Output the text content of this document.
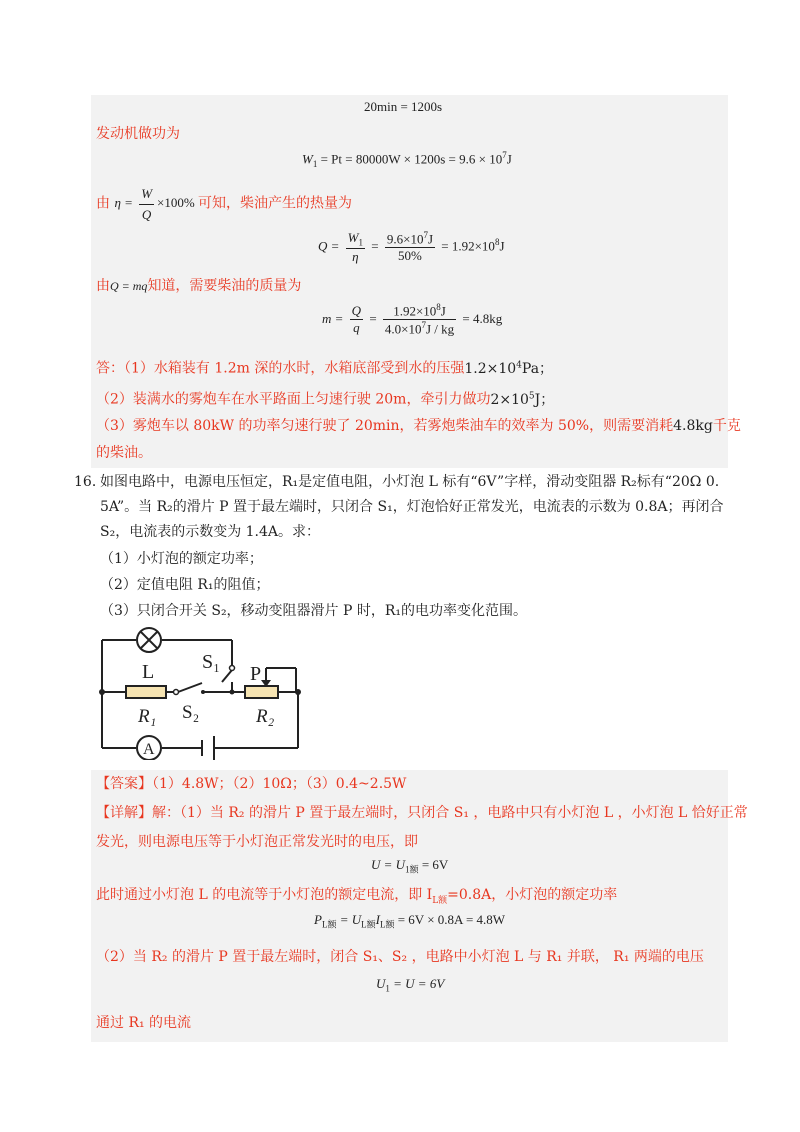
20min = 1200s
发动机做功为
$W_1 = Pt = 80000W \times 1200s = 9.6 \times 10^7J$
由 $\eta = \frac{W}{Q} \times 100\%$ 可知，柴油产生的热量为
$Q = \frac{W_1}{\eta} = \frac{9.6\times 10^7J}{50\%} = 1.92\times 10^8J$
由Q = mq知道，需要柴油的质量为
$m = \frac{Q}{q} = \frac{1.92\times 10^8J}{4.0\times 10^7J / kg} = 4.8kg$
答：（1）水箱装有 1.2m 深的水时，水箱底部受到水的压强$1.2\times 10^4Pa$；
（2）装满水的雾炮车在水平路面上匀速行驶 20m，牵引力做功$2\times 10^5J$；
（3）雾炮车以 80kW 的功率匀速行驶了 20min，若雾炮柴油车的效率为 50%，则需要消耗4.8kg千克
的柴油。
16．
如图电路中，电源电压恒定，R₁是定值电阻，小灯泡 L 标有“6V”字样，滑动变阻器 R₂标有“20Ω 0.
5A”。当 R₂的滑片 P 置于最左端时，只闭合 S₁，灯泡恰好正常发光，电流表的示数为 0.8A；再闭合
S₂，电流表的示数变为 1.4A。求：
（1）小灯泡的额定功率；
（2）定值电阻 R₁的阻值；
（3）只闭合开关 S₂，移动变阻器滑片 P 时，R₁的电功率变化范围。
A
L S₁
P
R₁ S₂	R₂
【答案】（1）4.8W；（2）10Ω；（3）0.4~2.5W
【详解】解：（1）当 R₂ 的滑片 P 置于最左端时，只闭合 S₁ ，电路中只有小灯泡 L ，小灯泡 L 恰好正常
发光，则电源电压等于小灯泡正常发光时的电压，即
$U = U_{1额} = 6V$
此时通过小灯泡 L 的电流等于小灯泡的额定电流，即 $I_{L额}=0.8A$，小灯泡的额定功率
$P_{L额} = U_{L额}I_{L额} = 6V \times 0.8A = 4.8W$
（2）当 R₂ 的滑片 P 置于最左端时，闭合 S₁、S₂ ，电路中小灯泡 L 与 R₁ 并联， R₁ 两端的电压
$U_1 = U = 6V$
通过 R₁ 的电流
